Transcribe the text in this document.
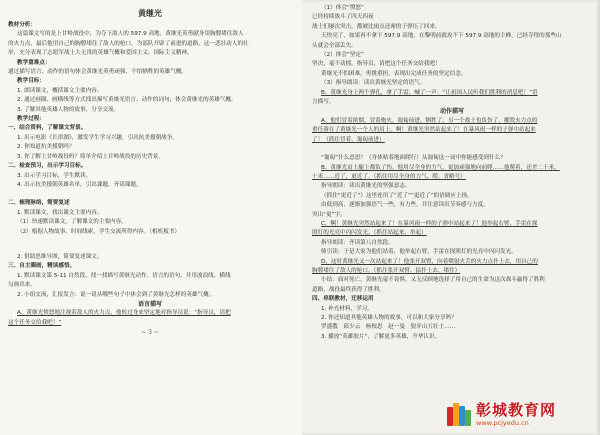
黄继光
教材分析：
这篇课文写的是上甘岭战役中，为夺下敌人的 597.9 高地，黄继光英勇献身用胸膛堵住敌人
的火力点，最后他用自己的胸膛堵住了敌人的枪口，为部队开辟了前进的道路，这一悲壮动人的壮
举，充分表现了志愿军战士大无畏的英雄气概和爱国主义、国际主义精神。
教学重难点：
通过描写语言、动作的语句体会黄继光英勇顽强、不怕牺牲的英雄气概。
教学目标：
1. 朗读课文，概括课文主要内容。
2. 通过画圈、画横线等方式找出描写黄继光语言、动作的词句，体会黄继光的英雄气概。
3. 了解其他英雄人物的故事，分享交流。
教学过程：
一、结合资料，了解课文背景。
1. 出示电影《长津湖》，激发学生学习兴趣，引出抗美援朝战争。
2. 你知道抗美援朝吗？
3. 你了解上甘岭战役吗？简单介绍上甘岭战役的历史背景。
二、检查预习，出示学习目标。
3. 出示学习目标，学生默读。
4. 出示抗美援朝英雄名单，引出课题，齐读课题。
二、梳理脉络，简要复述
1. 默读课文，找出课文主要内容。
（1）快速默读课文，了解课文的主要内容。
（2）根据人物故事、时间线索，学生交流所得内容。（相机板书）
2. 借助思维导图，简要复述课文。
三、自主圈画，精读感悟。
1. 默读课文第 5-11 自然段，找一找描写黄继光动作、语言的语句，并用波浪线、横线
勾画出来。
2. 小组交流，汇报发言：说一说从哪些句子中体会到了黄继光怎样的英雄气概。
语言描写
A、黄继光愤怒地注视着敌人的火力点，他转过身来坚定地对指导员说：“指导员，请把
这个任务交给我吧！”
~ 3 ~
（1）体会“愤怒”
已经持续战斗了四天四夜
战士们屡次突击，都被比雨点还密的子弹压了回来。
天快亮了，如果再不拿下 597.9 高地，在黎明前就攻不下 597.9 高地的主峰，已经夺得的那些山
头就会全部丢失。
（2）体会“坚定”
坚决，毫不动摇。指导员，请把这个任务交给我吧！
黄继光不怕困难，勇挑重担，表现出完成任务的坚定信念。
（3）指导朗读：读出黄继光坚定的语气。
B、黄继光身上两个弹孔，拿了手雷，喊了一声：“让祖国人民听我们胜利的消息吧！”语
言描写。
动作描写
A、他们冒着浓烟，冒着炮火，匍匐前进。牺牲了，另一个战士也负伤了，摧毁火力点的
重任落在了黄继光一个人的肩上。啊！黄继光突然站起来了！在暴风雨一样的子弹中站起来
了！（抓住冒着、匍匐前进）
“匍匐”什么意思？（身体贴着地面爬行）从匍匐这一词中你能感受到什么？
B、黄继光肩上腿上都负了伤。他用尽全身的力气，更加顽强地向前爬……他爬着，还差二十米，
十米……近了，更近了。（抓住用尽全身的力气、爬、省略号）
指导朗读：读出黄继光的坚强意志。
（抓住“更近了”）这里连用了“近了”“更近了”的语调应上扬，
由低到高，逐渐加强语气一些，有力些，并注意读出节奏感与力度。
突出“更”字。
C、啊！黄继光突然站起来了！在暴风雨一样的子弹中站起来了！他举起右臂，手雷在探
照灯的光亮中闪闪发光。（抓住站起来、举起）
指导朗读：齐读第八自然段。
师引读：于是大家为他们站着，他举起右臂，手雷在探照灯的光亮中闪闪发光。
D、这时黄继光又一次站起来了！他张开双臂，向着喷射火舌的火力点扑上去，用自己的
胸膛堵住了敌人的枪口。（抓住张开双臂、猛扑上去、堵住）
小结：面对死亡，黄继光毫不畏惧，又无反顾地选择了用自己的生命为这次战斗赢得了胜利
道路，战役最终获得了胜利。
四、串联教材，迁移运用
1. 补充材料，学习。
2. 你还知道其他英雄人物的故事，可以和大家分享吗？
罗盛教　邱少云　杨根思　赵一曼　狼牙山五壮士……
3. 播放“英雄胶片”，了解更多英雄，升华认识。
彰城教育网
www.pcjyedu.cn
